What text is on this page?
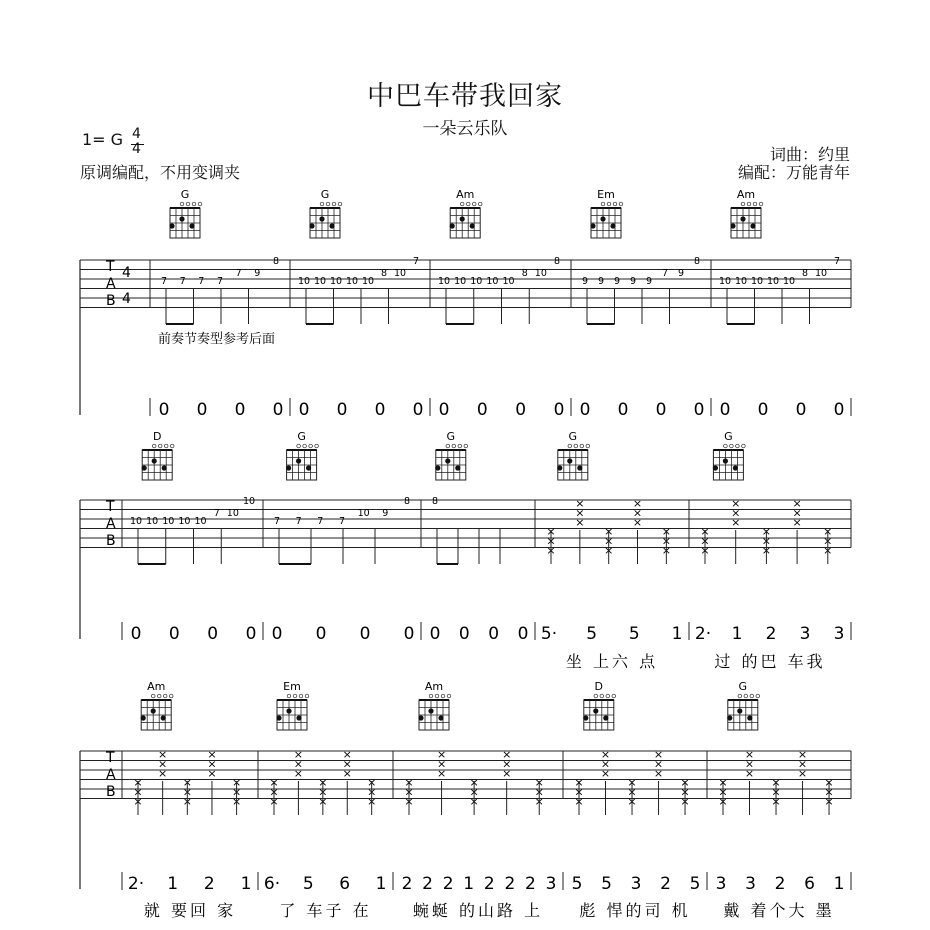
中巴车带我回家
一朵云乐队
1= G 4
4
原调编配，不用变调夹
词曲：约里
编配：万能青年
T
A
B
4
4
前奏节奏型参考后面
G
7 7 7 7
7 9
8
0 0 0 0
G
10 10 10 10 10
8 10
7
0 0 0 0
Am
10 10 10 10 10
8 10
8
0 0 0 0
Em
9 9 9 9 9
7 9
8
0 0 0 0
Am
10 10 10 10 10
8 10
7
0 0 0 0
T
A
B
D
10 10 10 10 10
7 10
10
0 0 0 0
G
7 7 7 7
10 9
8
0 0 0 0
G
8
0 0 0 0
G
×
×
×
×
×
×
×
×
×
×
×
×
×
×
×
5· 5 5 1
坐 上六 点
G
×
×
×
×
×
×
×
×
×
×
×
×
×
×
×
2· 1 2 3 3
过 的巴 车我
T
A
B
Am
×
×
×
×
×
×
×
×
×
×
×
×
×
×
×
2· 1 2 1
就 要回 家
Em
×
×
×
×
×
×
×
×
×
×
×
×
×
×
×
6· 5 6 1
了 车子 在
Am
×
×
×
×
×
×
×
×
×
×
×
×
×
×
×
2 2 2 1 2 2 2 3
蜿蜒 的山路 上
D
×
×
×
×
×
×
×
×
×
×
×
×
×
×
×
5 5 3 2 5
彪 悍的司 机
G
×
×
×
×
×
×
×
×
×
×
×
×
×
×
×
3 3 2 6 1
戴 着个大 墨
